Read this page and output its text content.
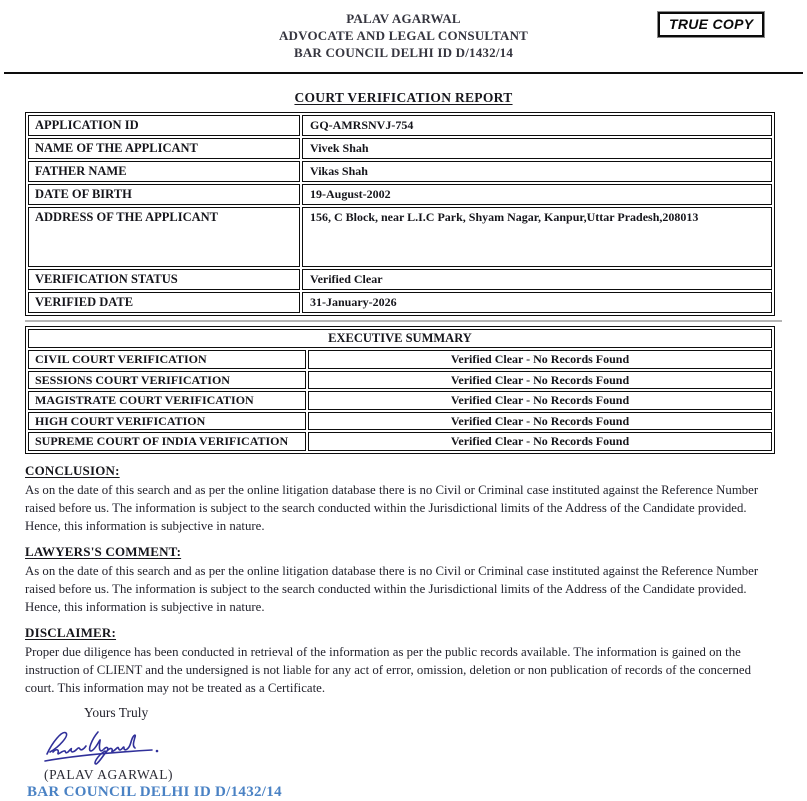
PALAV AGARWAL
ADVOCATE AND LEGAL CONSULTANT
BAR COUNCIL DELHI ID D/1432/14
TRUE COPY
COURT VERIFICATION REPORT
APPLICATION ID	GQ-AMRSNVJ-754
NAME OF THE APPLICANT	Vivek Shah
FATHER NAME	Vikas Shah
DATE OF BIRTH	19-August-2002
ADDRESS OF THE APPLICANT	156, C Block, near L.I.C Park, Shyam Nagar, Kanpur,Uttar Pradesh,208013
VERIFICATION STATUS	Verified Clear
VERIFIED DATE	31-January-2026
EXECUTIVE SUMMARY	
CIVIL COURT VERIFICATION	Verified Clear - No Records Found
SESSIONS COURT VERIFICATION	Verified Clear - No Records Found
MAGISTRATE COURT VERIFICATION	Verified Clear - No Records Found
HIGH COURT VERIFICATION	Verified Clear - No Records Found
SUPREME COURT OF INDIA VERIFICATION	Verified Clear - No Records Found
CONCLUSION:

As on the date of this search and as per the online litigation database there is no Civil or Criminal case instituted against the Reference Number raised before us. The information is subject to the search conducted within the Jurisdictional limits of the Address of the Candidate provided. Hence, this information is subjective in nature.

LAWYERS'S COMMENT:

As on the date of this search and as per the online litigation database there is no Civil or Criminal case instituted against the Reference Number raised before us. The information is subject to the search conducted within the Jurisdictional limits of the Address of the Candidate provided. Hence, this information is subjective in nature.

DISCLAIMER:

Proper due diligence has been conducted in retrieval of the information as per the public records available. The information is gained on the instruction of CLIENT and the undersigned is not liable for any act of error, omission, deletion or non publication of records of the concerned court. This information may not be treated as a Certificate.

Yours Truly
(PALAV AGARWAL)
BAR COUNCIL DELHI ID D/1432/14
